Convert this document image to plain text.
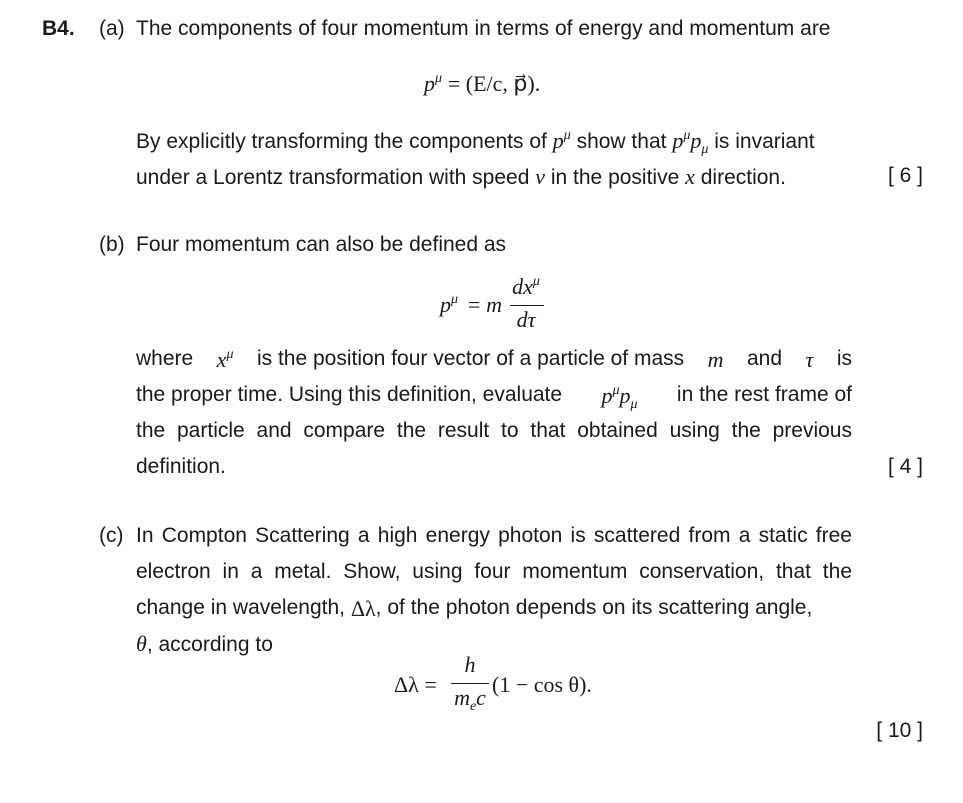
B4. (a) The components of four momentum in terms of energy and momentum are
$p^\mu = (E/c$, p⃗).
By explicitly transforming the components of $p^\mu$ show that $p^\mu p_\mu$ is invariant
under a Lorentz transformation with speed v in the positive x direction.	[ 6 ]
(b) Four momentum can also be defined as
$p^\mu = m$
$dx^\mu$
dτ
where $x^\mu$ is the position four vector of a particle of mass m and τ is
the proper time. Using this definition, evaluate $p^\mu p_\mu$ in the rest frame of
the particle and compare the result to that obtained using the previous
definition.	[ 4 ]
(c) In Compton Scattering a high energy photon is scattered from a static free
electron in a metal. Show, using four momentum conservation, that the
change in wavelength,
Δλ , of the photon depends on its scattering angle,
θ, according to
Δλ =
h
$m_ec$
(1 − cos θ).
[ 10 ]
